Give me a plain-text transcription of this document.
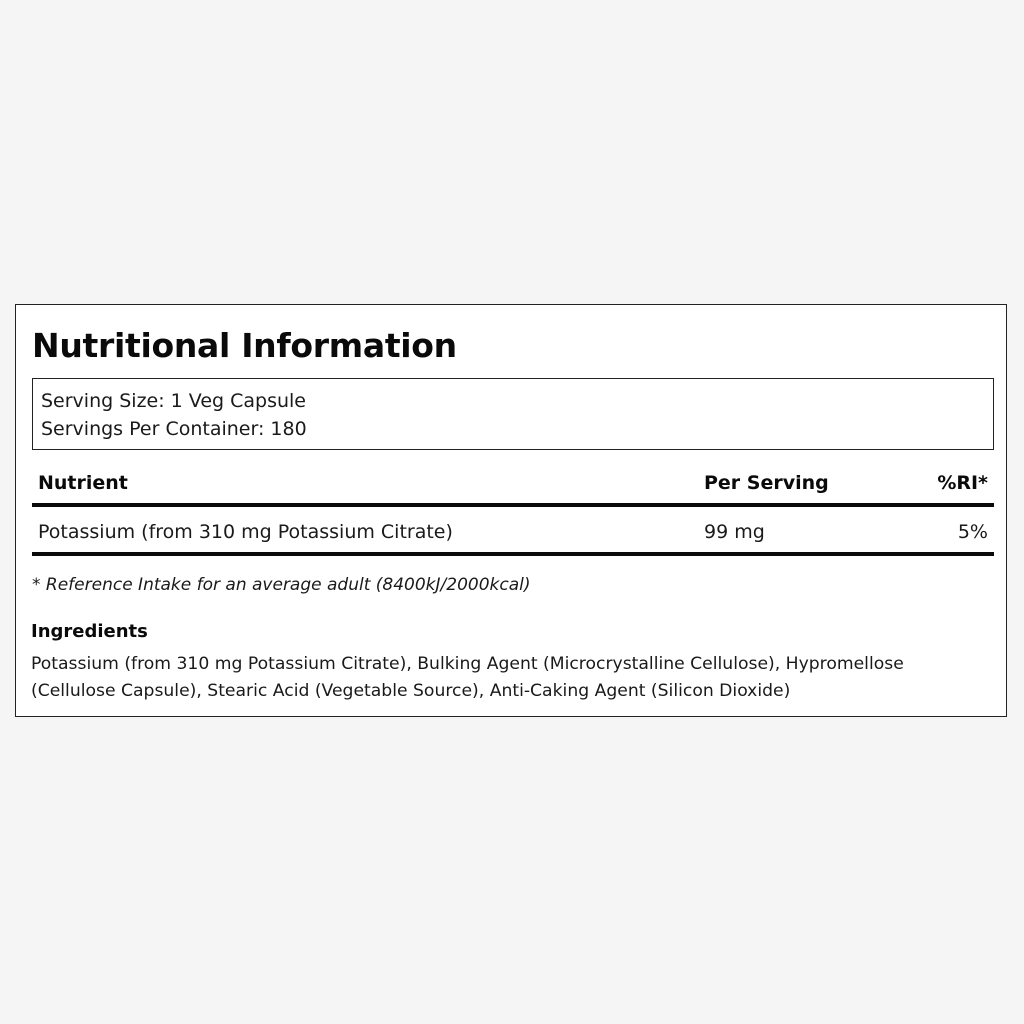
Nutritional Information
Serving Size: 1 Veg Capsule
Servings Per Container: 180
Nutrient	Per Serving	%RI*
Potassium (from 310 mg Potassium Citrate)	99 mg	5%
* Reference Intake for an average adult (8400kJ/2000kcal)
Ingredients

Potassium (from 310 mg Potassium Citrate), Bulking Agent (Microcrystalline Cellulose), Hypromellose (Cellulose Capsule), Stearic Acid (Vegetable Source), Anti-Caking Agent (Silicon Dioxide)
